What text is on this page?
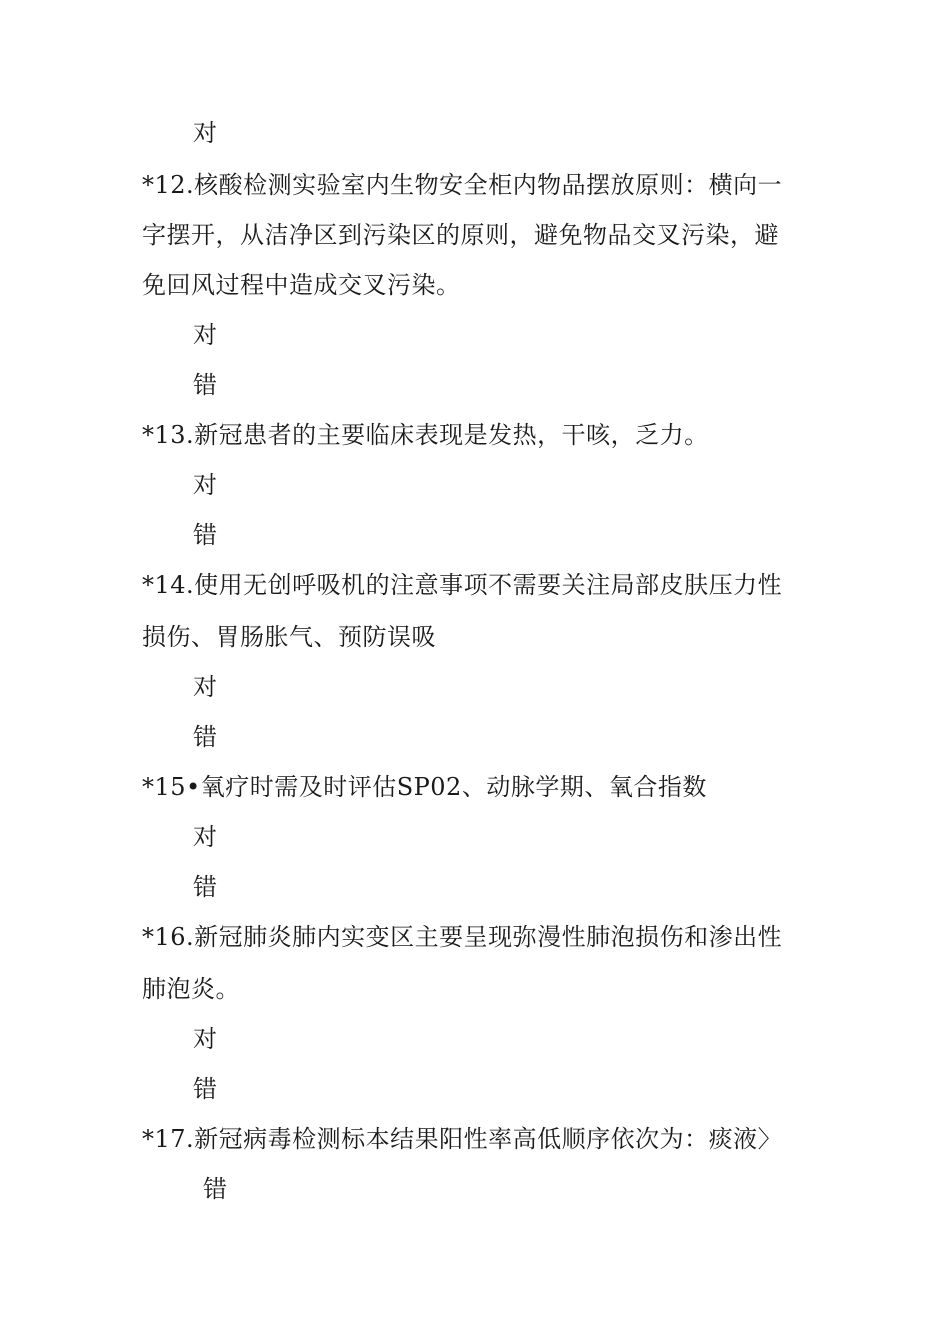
对
*12.核酸检测实验室内生物安全柜内物品摆放原则：横向一
字摆开，从洁净区到污染区的原则，避免物品交叉污染，避
免回风过程中造成交叉污染。
对
错
*13.新冠患者的主要临床表现是发热，干咳，乏力。
对
错
*14.使用无创呼吸机的注意事项不需要关注局部皮肤压力性
损伤、胃肠胀气、预防误吸
对
错
*15•氧疗时需及时评估SP02、动脉学期、氧合指数
对
错
*16.新冠肺炎肺内实变区主要呈现弥漫性肺泡损伤和渗出性
肺泡炎。
对
错
*17.新冠病毒检测标本结果阳性率高低顺序依次为：痰液〉
错
